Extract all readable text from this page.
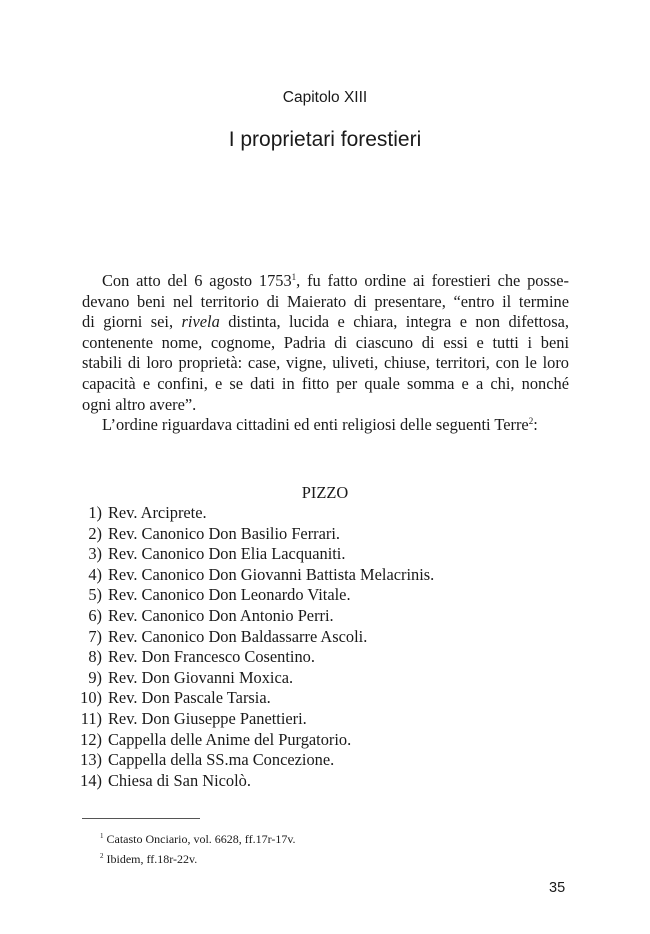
Capitolo XIII
I proprietari forestieri
Con atto del 6 agosto 1753$^1$, fu fatto ordine ai forestieri che posse-
devano beni nel territorio di Maierato di presentare, “entro il termine
di giorni sei, rivela distinta, lucida e chiara, integra e non difettosa,
contenente nome, cognome, Padria di ciascuno di essi e tutti i beni
stabili di loro proprietà: case, vigne, uliveti, chiuse, territori, con le loro
capacità e confini, e se dati in fitto per quale somma e a chi, nonché
ogni altro avere”.
L’ordine riguardava cittadini ed enti religiosi delle seguenti Terre$^2$:
PIZZO
1) Rev. Arciprete.
2) Rev. Canonico Don Basilio Ferrari.
3) Rev. Canonico Don Elia Lacquaniti.
4) Rev. Canonico Don Giovanni Battista Melacrinis.
5) Rev. Canonico Don Leonardo Vitale.
6) Rev. Canonico Don Antonio Perri.
7) Rev. Canonico Don Baldassarre Ascoli.
8) Rev. Don Francesco Cosentino.
9) Rev. Don Giovanni Moxica.
10) Rev. Don Pascale Tarsia.
11) Rev. Don Giuseppe Panettieri.
12) Cappella delle Anime del Purgatorio.
13) Cappella della SS.ma Concezione.
14) Chiesa di San Nicolò.
$^1$ Catasto Onciario, vol. 6628, ff.17r-17v.
$^2$ Ibidem, ff.18r-22v.
35
